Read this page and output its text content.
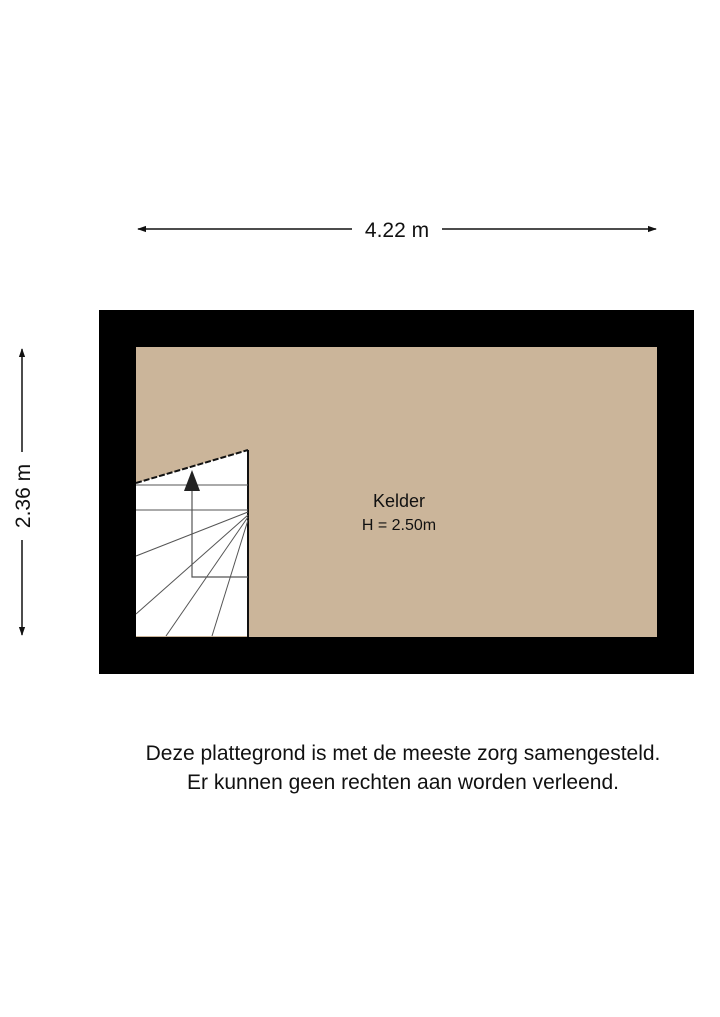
4.22 m
2.36 m	Kelder
H = 2.50m
Deze plattegrond is met de meeste zorg samengesteld.
Er kunnen geen rechten aan worden verleend.
